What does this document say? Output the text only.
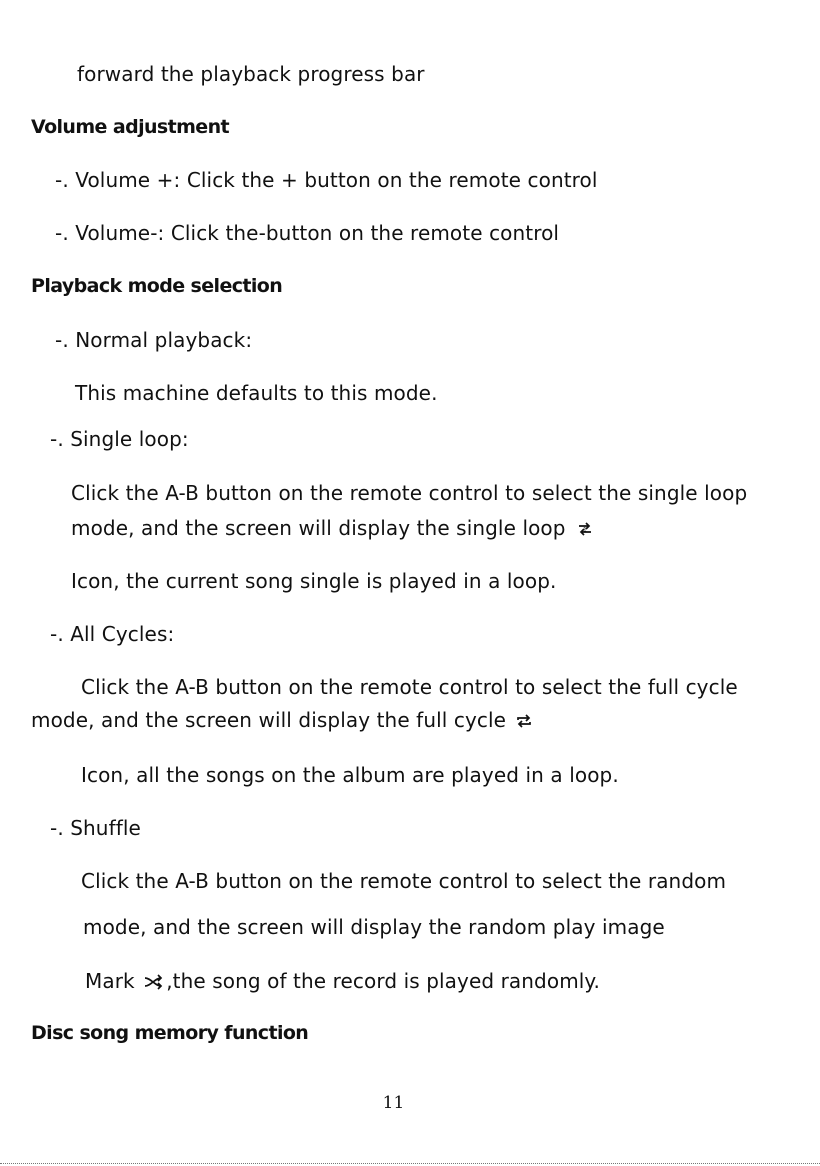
forward the playback progress bar
Volume adjustment
-. Volume +: Click the + button on the remote control
-. Volume-: Click the-button on the remote control
Playback mode selection
-. Normal playback:
This machine defaults to this mode.
-. Single loop:
Click the A-B button on the remote control to select the single loop
mode, and the screen will display the single loop	1
Icon, the current song single is played in a loop.
-. All Cycles:
Click the A-B button on the remote control to select the full cycle
mode, and the screen will display the full cycle
Icon, all the songs on the album are played in a loop.
-. Shuffle
Click the A-B button on the remote control to select the random
mode, and the screen will display the random play image
Mark ,the song of the record is played randomly.
Disc song memory function
11
